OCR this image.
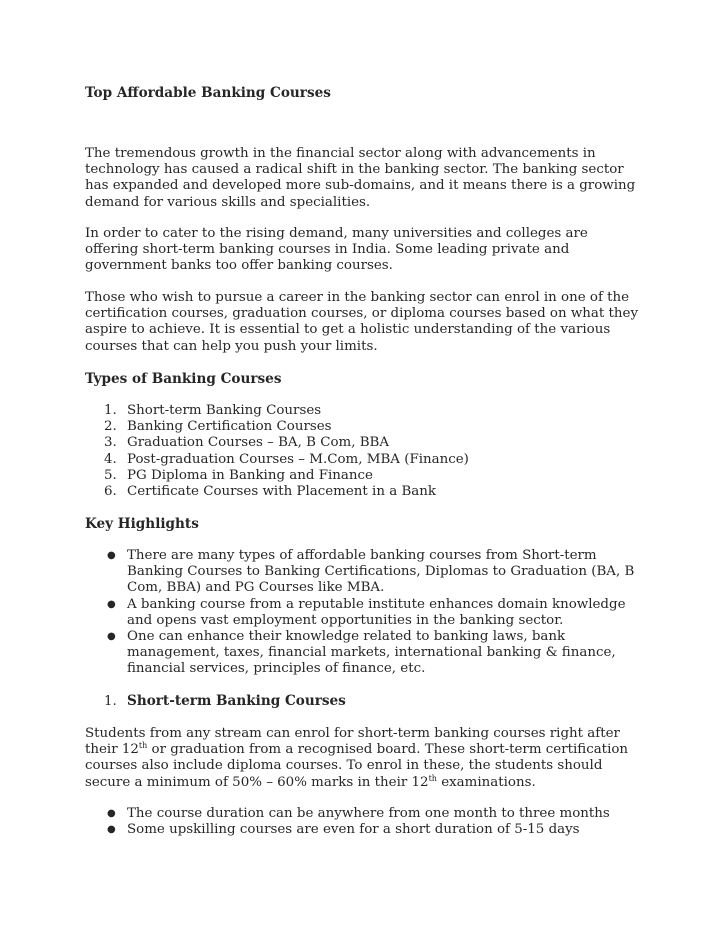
Top Affordable Banking Courses
The tremendous growth in the financial sector along with advancements in technology has caused a radical shift in the banking sector. The banking sector has expanded and developed more sub-domains, and it means there is a growing demand for various skills and specialities.
In order to cater to the rising demand, many universities and colleges are offering short-term banking courses in India. Some leading private and government banks too offer banking courses.
Those who wish to pursue a career in the banking sector can enrol in one of the certification courses, graduation courses, or diploma courses based on what they aspire to achieve. It is essential to get a holistic understanding of the various courses that can help you push your limits.
Types of Banking Courses
1. Short-term Banking Courses
2. Banking Certification Courses
3. Graduation Courses – BA, B Com, BBA
4. Post-graduation Courses – M.Com, MBA (Finance)
5. PG Diploma in Banking and Finance
6. Certificate Courses with Placement in a Bank
Key Highlights
● There are many types of affordable banking courses from Short-term Banking Courses to Banking Certifications, Diplomas to Graduation (BA, B Com, BBA) and PG Courses like MBA.
● A banking course from a reputable institute enhances domain knowledge and opens vast employment opportunities in the banking sector.
● One can enhance their knowledge related to banking laws, bank management, taxes, financial markets, international banking & finance, financial services, principles of finance, etc.
1. Short-term Banking Courses
Students from any stream can enrol for short-term banking courses right after their 12th or graduation from a recognised board. These short-term certification courses also include diploma courses. To enrol in these, the students should secure a minimum of 50% – 60% marks in their 12th examinations.
● The course duration can be anywhere from one month to three months
● Some upskilling courses are even for a short duration of 5-15 days
